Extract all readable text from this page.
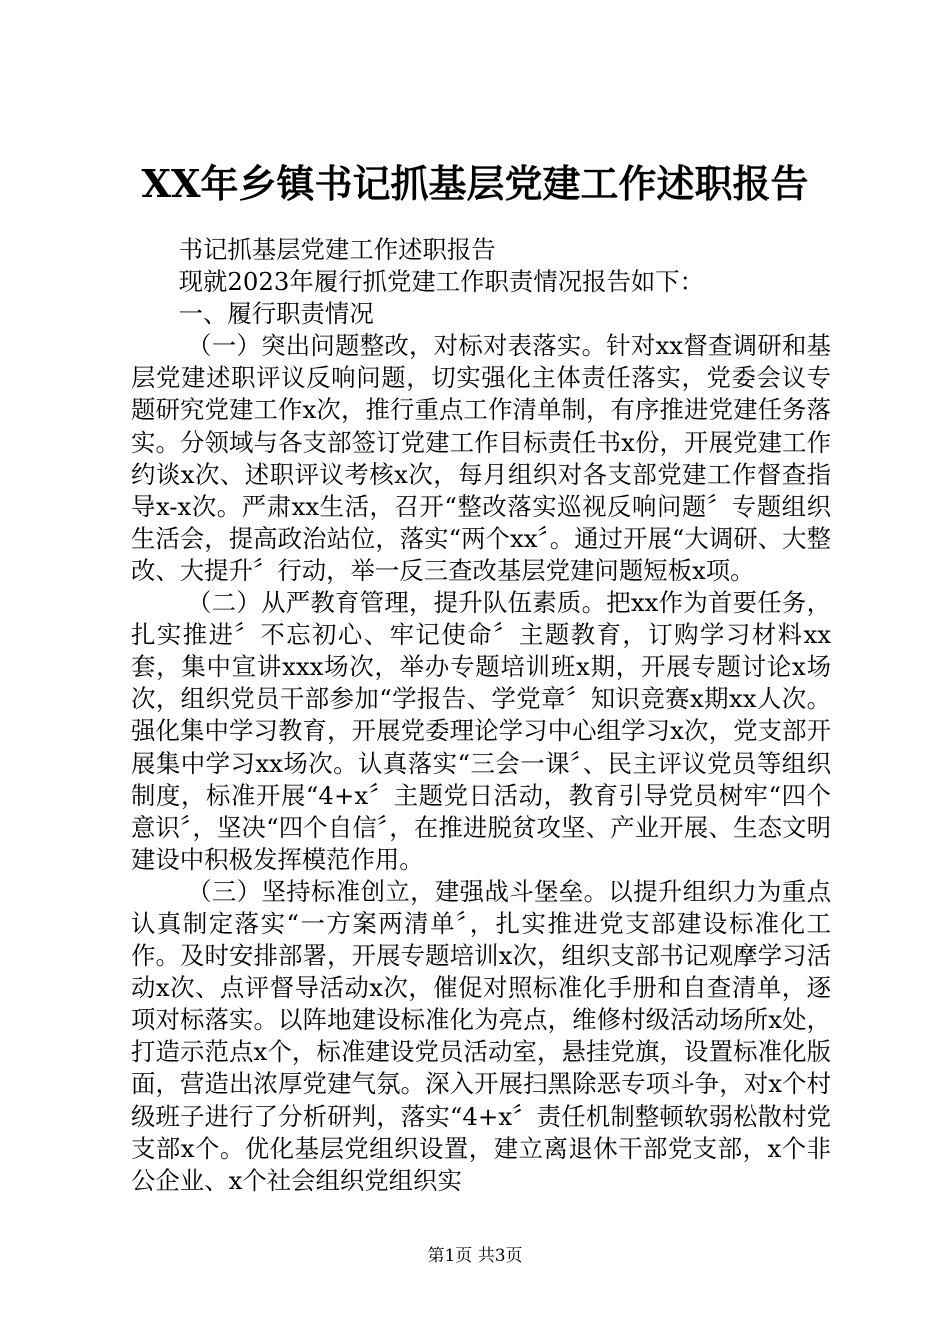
XX年乡镇书记抓基层党建工作述职报告

书记抓基层党建工作述职报告

现就2023年履行抓党建工作职责情况报告如下：

一、履行职责情况

（一）突出问题整改，对标对表落实。针对xx督查调研和基层党建述职评议反响问题，切实强化主体责任落实，党委会议专题研究党建工作x次，推行重点工作清单制，有序推进党建任务落实。分领域与各支部签订党建工作目标责任书x份，开展党建工作约谈x次、述职评议考核x次，每月组织对各支部党建工作督查指导x-x次。严肃xx生活，召开“整改落实巡视反响问题〞专题组织生活会，提高政治站位，落实“两个xx〞。通过开展“大调研、大整改、大提升〞行动，举一反三查改基层党建问题短板x项。

（二）从严教育管理，提升队伍素质。把xx作为首要任务，扎实推进〞不忘初心、牢记使命〞主题教育，订购学习材料xx套，集中宣讲xxx场次，举办专题培训班x期，开展专题讨论x场次，组织党员干部参加“学报告、学党章〞知识竞赛x期xx人次。强化集中学习教育，开展党委理论学习中心组学习x次，党支部开展集中学习xx场次。认真落实“三会一课〞、民主评议党员等组织制度，标准开展“4+x〞主题党日活动，教育引导党员树牢“四个意识〞，坚决“四个自信〞，在推进脱贫攻坚、产业开展、生态文明建设中积极发挥模范作用。

（三）坚持标准创立，建强战斗堡垒。以提升组织力为重点认真制定落实“一方案两清单〞，扎实推进党支部建设标准化工作。及时安排部署，开展专题培训x次，组织支部书记观摩学习活动x次、点评督导活动x次，催促对照标准化手册和自查清单，逐项对标落实。以阵地建设标准化为亮点，维修村级活动场所x处，打造示范点x个，标准建设党员活动室，悬挂党旗，设置标准化版面，营造出浓厚党建气氛。深入开展扫黑除恶专项斗争，对x个村级班子进行了分析研判，落实“4+x〞责任机制整顿软弱松散村党支部x个。优化基层党组织设置，建立离退休干部党支部，x个非公企业、x个社会组织党组织实

第1页 共3页
